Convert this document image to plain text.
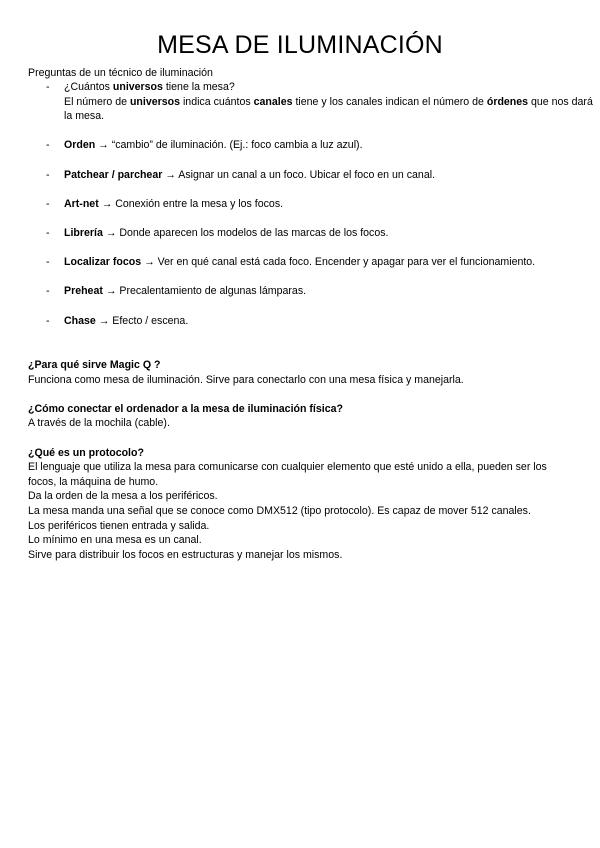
MESA DE ILUMINACIÓN
Preguntas de un técnico de iluminación
- ¿Cuántos universos tiene la mesa?
El número de universos indica cuántos canales tiene y los canales indican el número de órdenes que nos dará la mesa.
- Orden → “cambio” de iluminación. (Ej.: foco cambia a luz azul).
- Patchear / parchear → Asignar un canal a un foco. Ubicar el foco en un canal.
- Art-net → Conexión entre la mesa y los focos.
- Librería → Donde aparecen los modelos de las marcas de los focos.
- Localizar focos → Ver en qué canal está cada foco. Encender y apagar para ver el funcionamiento.
- Preheat → Precalentamiento de algunas lámparas.
- Chase → Efecto / escena.

¿Para qué sirve Magic Q ?

Funciona como mesa de iluminación. Sirve para conectarlo con una mesa física y manejarla.

¿Cómo conectar el ordenador a la mesa de iluminación física?

A través de la mochila (cable).

¿Qué es un protocolo?

El lenguaje que utiliza la mesa para comunicarse con cualquier elemento que esté unido a ella, pueden ser los focos, la máquina de humo.

Da la orden de la mesa a los periféricos.

La mesa manda una señal que se conoce como DMX512 (tipo protocolo). Es capaz de mover 512 canales.

Los periféricos tienen entrada y salida.

Lo mínimo en una mesa es un canal.

Sirve para distribuir los focos en estructuras y manejar los mismos.
